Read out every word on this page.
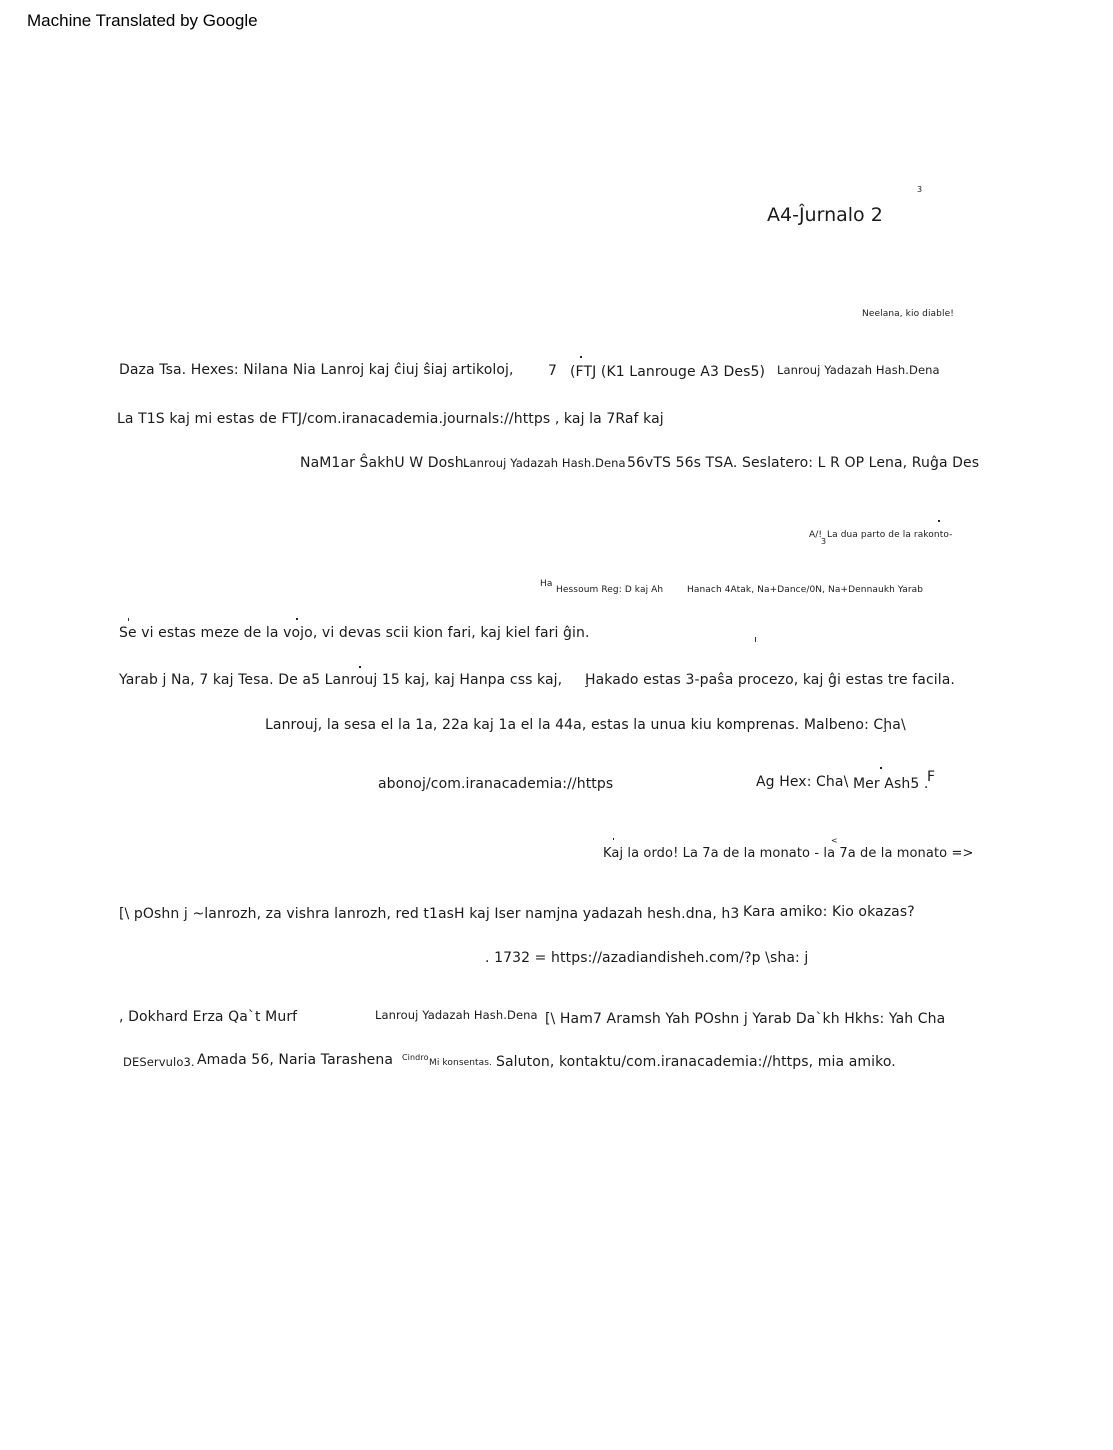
Machine Translated by Google
3
A4-Ĵurnalo 2
Neelana, kio diable!
Daza Tsa. Hexes: Nilana Nia Lanroj kaj ĉiuj ŝiaj artikoloj, 7 (FTJ (K1 Lanrouge A3 Des5) Lanrouj Yadazah Hash.Dena
La T1S kaj mi estas de FTJ/com.iranacademia.journals://https , kaj la 7Raf kaj
NaM1ar ŜakhU W Dosh.
Lanrouj Yadazah Hash.Dena 56vTS 56s TSA. Seslatero: L R OP Lena, Ruĝa Des
A/!
3
La dua parto de la rakonto-
Ha
Hessoum Reg: D kaj Ah	Hanach 4Atak, Na+Dance/0N, Na+Dennaukh Yarab
Se vi estas meze de la vojo, vi devas scii kion fari, kaj kiel fari ĝin.
Yarab j Na, 7 kaj Tesa. De a5 Lanrouj 15 kaj, kaj Hanpa css kaj, Ḩakado estas 3-paŝa procezo, kaj ĝi estas tre facila.
Lanrouj, la sesa el la 1a, 22a kaj 1a el la 44a, estas la unua kiu komprenas. Malbeno: Cḩa\
abonoj/com.iranacademia://https	Ag Hex: Cha\ Mer Ash5 .
F
<
Kaj la ordo! La 7a de la monato - la 7a de la monato =>
[\ pOshn j ~lanrozh, za vishra lanrozh, red t1asH kaj Iser namjna yadazah hesh.dna, h3 Kara amiko: Kio okazas?
. 1732 = https://azadiandisheh.com/?p \sha: j
, Dokhard Erza Qa`t Murf	Lanrouj Yadazah Hash.Dena [\ Ham7 Aramsh Yah POshn j Yarab Da`kh Hkhs: Yah Cha
DEServulo3. Amada 56, Naria Tarashena Cindro
Mi konsentas. Saluton, kontaktu/com.iranacademia://https, mia amiko.
